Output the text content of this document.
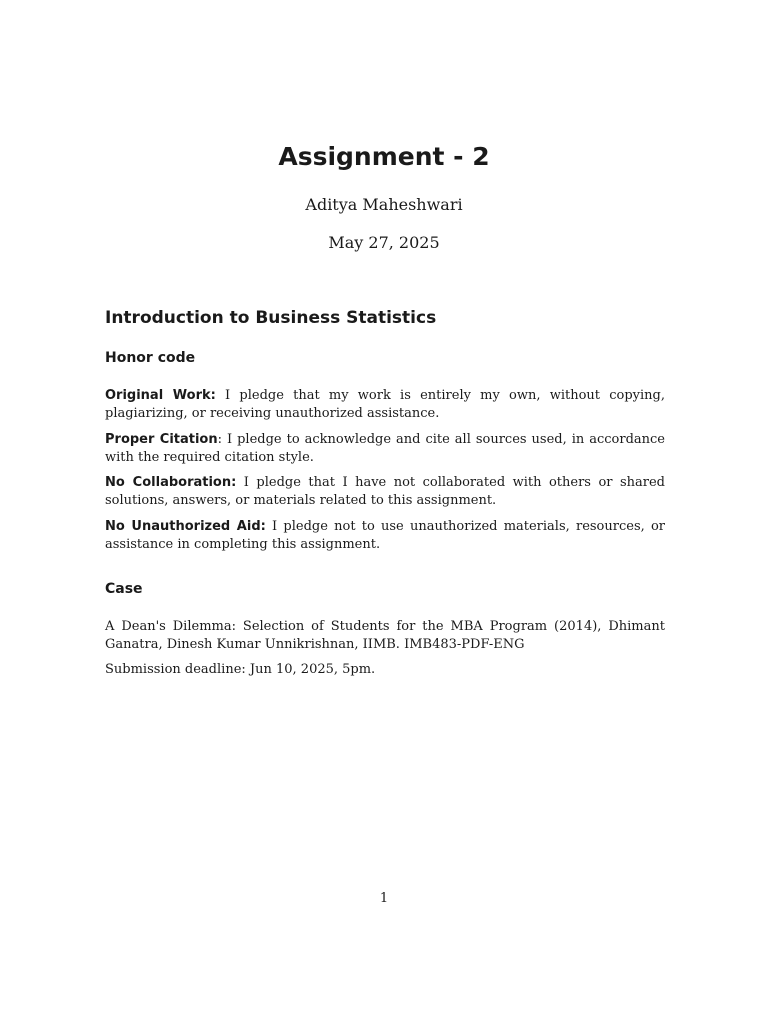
Assignment - 2
Aditya Maheshwari
May 27, 2025
Introduction to Business Statistics
Honor code

Original Work: I pledge that my work is entirely my own, without copying, plagiarizing, or receiving unauthorized assistance.

Proper Citation: I pledge to acknowledge and cite all sources used, in accordance with the required citation style.

No Collaboration: I pledge that I have not collaborated with others or shared solutions, answers, or materials related to this assignment.

No Unauthorized Aid: I pledge not to use unauthorized materials, resources, or assistance in completing this assignment.

Case

A Dean's Dilemma: Selection of Students for the MBA Program (2014), Dhimant Ganatra, Dinesh Kumar Unnikrishnan, IIMB. IMB483-PDF-ENG

Submission deadline: Jun 10, 2025, 5pm.

1
